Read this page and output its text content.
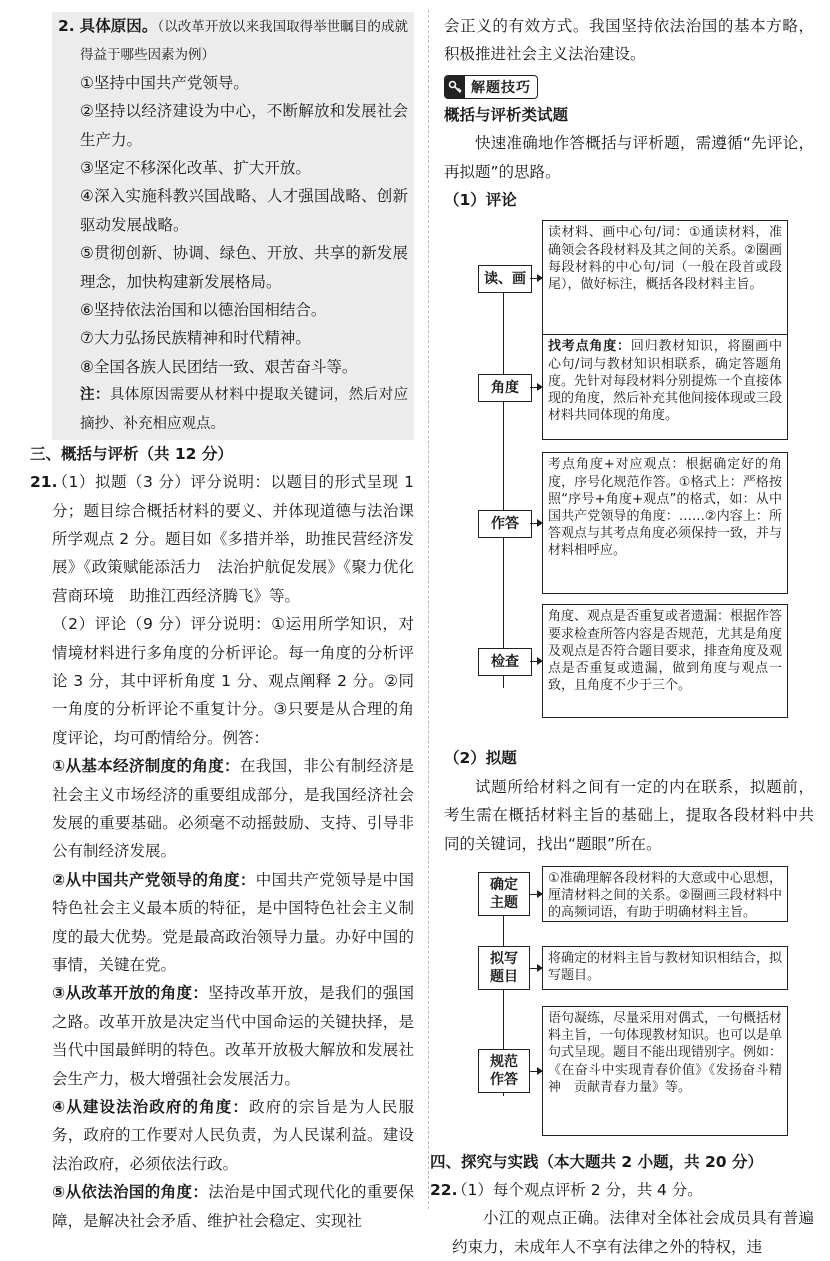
2. 具体原因。（以改革开放以来我国取得举世瞩目的成就得益于哪些因素为例）

①坚持中国共产党领导。

②坚持以经济建设为中心，不断解放和发展社会生产力。

③坚定不移深化改革、扩大开放。

④深入实施科教兴国战略、人才强国战略、创新驱动发展战略。

⑤贯彻创新、协调、绿色、开放、共享的新发展理念，加快构建新发展格局。

⑥坚持依法治国和以德治国相结合。

⑦大力弘扬民族精神和时代精神。

⑧全国各族人民团结一致、艰苦奋斗等。

注：具体原因需要从材料中提取关键词，然后对应摘抄、补充相应观点。

三、概括与评析（共 12 分）

21.（1）拟题（3 分）评分说明：以题目的形式呈现 1 分；题目综合概括材料的要义、并体现道德与法治课所学观点 2 分。题目如《多措并举，助推民营经济发展》《政策赋能添活力　法治护航促发展》《聚力优化营商环境　助推江西经济腾飞》等。

（2）评论（9 分）评分说明：①运用所学知识，对情境材料进行多角度的分析评论。每一角度的分析评论 3 分，其中评析角度 1 分、观点阐释 2 分。②同一角度的分析评论不重复计分。③只要是从合理的角度评论，均可酌情给分。例答：

①从基本经济制度的角度：在我国，非公有制经济是社会主义市场经济的重要组成部分，是我国经济社会发展的重要基础。必须毫不动摇鼓励、支持、引导非公有制经济发展。

②从中国共产党领导的角度：中国共产党领导是中国特色社会主义最本质的特征，是中国特色社会主义制度的最大优势。党是最高政治领导力量。办好中国的事情，关键在党。

③从改革开放的角度：坚持改革开放，是我们的强国之路。改革开放是决定当代中国命运的关键抉择，是当代中国最鲜明的特色。改革开放极大解放和发展社会生产力，极大增强社会发展活力。

④从建设法治政府的角度：政府的宗旨是为人民服务，政府的工作要对人民负责，为人民谋利益。建设法治政府，必须依法行政。

⑤从依法治国的角度：法治是中国式现代化的重要保障，是解决社会矛盾、维护社会稳定、实现社

会正义的有效方式。我国坚持依法治国的基本方略，积极推进社会主义法治建设。

解题技巧

概括与评析类试题

快速准确地作答概括与评析题，需遵循“先评论，再拟题”的思路。

（1）评论

读材料、画中心句/词：①通读材料，准确领会各段材料及其之间的关系。②圈画每段材料的中心句/词（一般在段首或段尾），做好标注，概括各段材料主旨。
读、画
找考点角度：回归教材知识，将圈画中心句/词与教材知识相联系，确定答题角度。先针对每段材料分别提炼一个直接体现的角度，然后补充其他间接体现或三段材料共同体现的角度。
角度
考点角度+对应观点：根据确定好的角度，序号化规范作答。①格式上：严格按照“序号+角度+观点”的格式，如：从中国共产党领导的角度：……②内容上：所答观点与其考点角度必须保持一致，并与材料相呼应。
作答
角度、观点是否重复或者遗漏：根据作答要求检查所答内容是否规范，尤其是角度及观点是否符合题目要求，排查角度及观点是否重复或遗漏，做到角度与观点一致，且角度不少于三个。
检查

（2）拟题

试题所给材料之间有一定的内在联系，拟题前，考生需在概括材料主旨的基础上，提取各段材料中共同的关键词，找出“题眼”所在。

①准确理解各段材料的大意或中心思想，厘清材料之间的关系。②圈画三段材料中的高频词语，有助于明确材料主旨。
确定主题
将确定的材料主旨与教材知识相结合，拟写题目。
拟写题目
语句凝练，尽量采用对偶式，一句概括材料主旨，一句体现教材知识。也可以是单句式呈现。题目不能出现错别字。例如：《在奋斗中实现青春价值》《发扬奋斗精神　贡献青春力量》等。
规范作答

四、探究与实践（本大题共 2 小题，共 20 分）

22.（1）每个观点评析 2 分，共 4 分。

小江的观点正确。法律对全体社会成员具有普遍约束力，未成年人不享有法律之外的特权，违
